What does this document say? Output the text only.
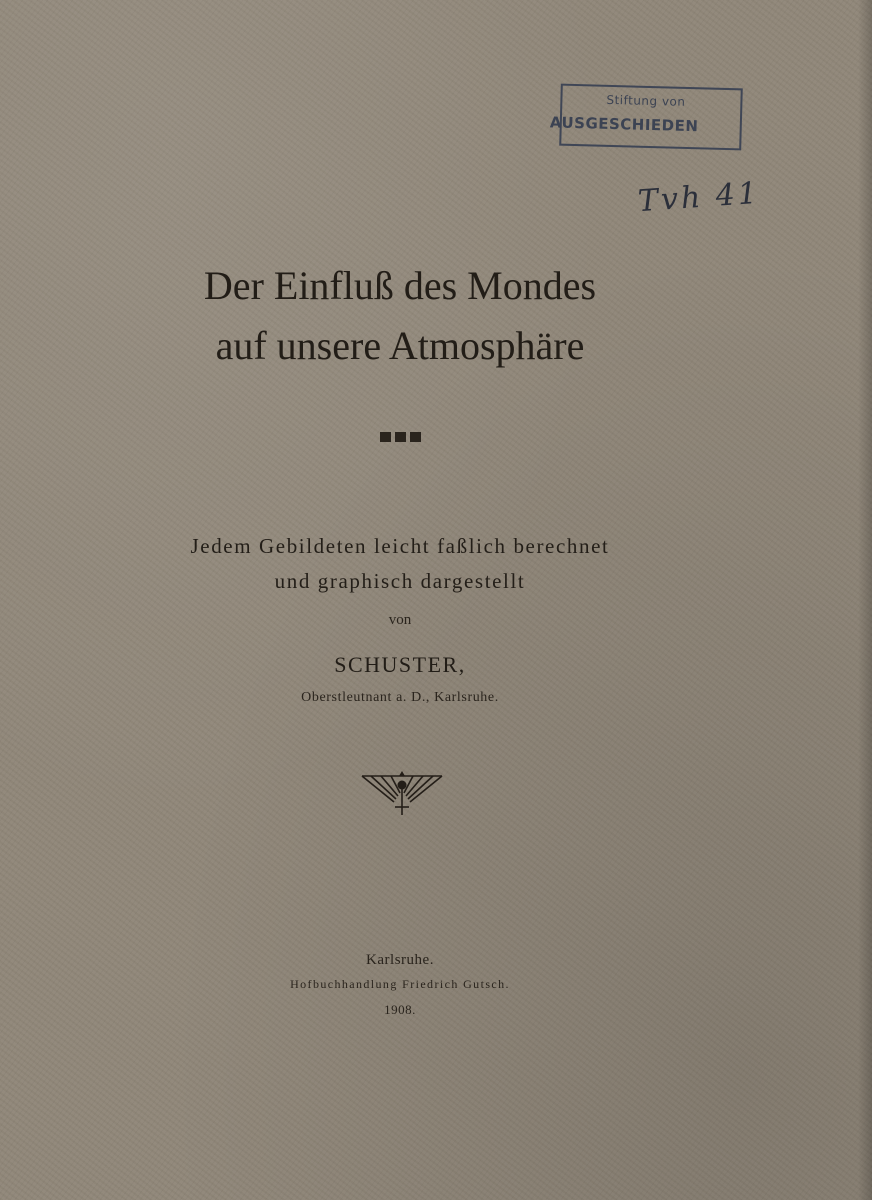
Stiftung von
AUSGESCHIEDEN
Tvh 41
Der Einfluß des Mondes
auf unsere Atmosphäre
Jedem Gebildeten leicht faßlich berechnet
und graphisch dargestellt
von
SCHUSTER,
Oberstleutnant a. D., Karlsruhe.
Karlsruhe.
Hofbuchhandlung Friedrich Gutsch.
1908.
